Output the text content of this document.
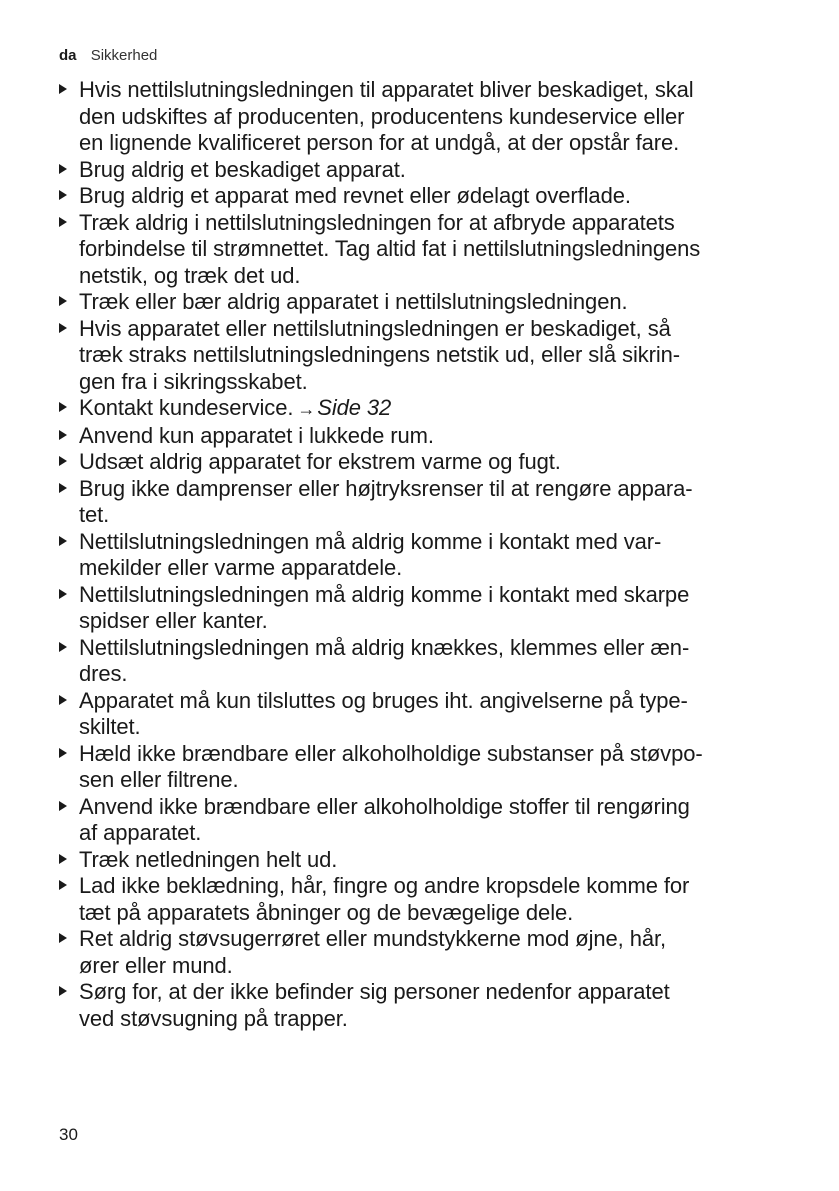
da Sikkerhed
Hvis nettilslutningsledningen til apparatet bliver beskadiget, skal
den udskiftes af producenten, producentens kundeservice eller
en lignende kvalificeret person for at undgå, at der opstår fare.
Brug aldrig et beskadiget apparat.
Brug aldrig et apparat med revnet eller ødelagt overflade.
Træk aldrig i nettilslutningsledningen for at afbryde apparatets
forbindelse til strømnettet. Tag altid fat i nettilslutningsledningens
netstik, og træk det ud.
Træk eller bær aldrig apparatet i nettilslutningsledningen.
Hvis apparatet eller nettilslutningsledningen er beskadiget, så
træk straks nettilslutningsledningens netstik ud, eller slå sikrin-
gen fra i sikringsskabet.
Kontakt kundeservice. →Side 32
Anvend kun apparatet i lukkede rum.
Udsæt aldrig apparatet for ekstrem varme og fugt.
Brug ikke damprenser eller højtryksrenser til at rengøre appara-
tet.
Nettilslutningsledningen må aldrig komme i kontakt med var-
mekilder eller varme apparatdele.
Nettilslutningsledningen må aldrig komme i kontakt med skarpe
spidser eller kanter.
Nettilslutningsledningen må aldrig knækkes, klemmes eller æn-
dres.
Apparatet må kun tilsluttes og bruges iht. angivelserne på type-
skiltet.
Hæld ikke brændbare eller alkoholholdige substanser på støvpo-
sen eller filtrene.
Anvend ikke brændbare eller alkoholholdige stoffer til rengøring
af apparatet.
Træk netledningen helt ud.
Lad ikke beklædning, hår, fingre og andre kropsdele komme for
tæt på apparatets åbninger og de bevægelige dele.
Ret aldrig støvsugerrøret eller mundstykkerne mod øjne, hår,
ører eller mund.
Sørg for, at der ikke befinder sig personer nedenfor apparatet
ved støvsugning på trapper.
30
